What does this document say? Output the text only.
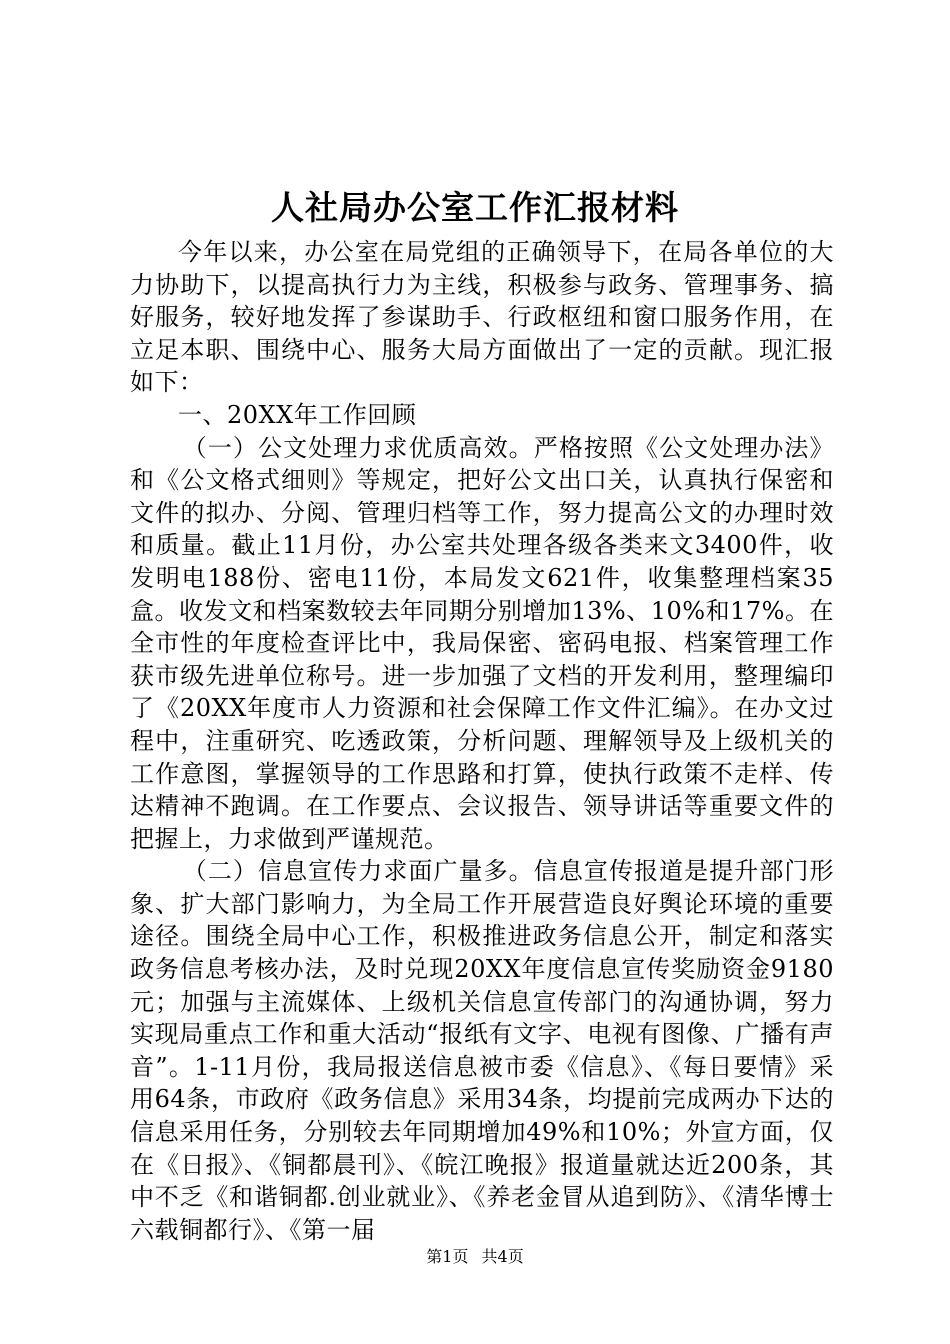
人社局办公室工作汇报材料

今年以来，办公室在局党组的正确领导下，在局各单位的大力协助下，以提高执行力为主线，积极参与政务、管理事务、搞好服务，较好地发挥了参谋助手、行政枢纽和窗口服务作用，在立足本职、围绕中心、服务大局方面做出了一定的贡献。现汇报如下：

一、20XX年工作回顾

（一）公文处理力求优质高效。严格按照《公文处理办法》和《公文格式细则》等规定，把好公文出口关，认真执行保密和文件的拟办、分阅、管理归档等工作，努力提高公文的办理时效和质量。截止11月份，办公室共处理各级各类来文3400件，收发明电188份、密电11份，本局发文621件，收集整理档案35盒。收发文和档案数较去年同期分别增加13%、10%和17%。在全市性的年度检查评比中，我局保密、密码电报、档案管理工作获市级先进单位称号。进一步加强了文档的开发利用，整理编印了《20XX年度市人力资源和社会保障工作文件汇编》。在办文过程中，注重研究、吃透政策，分析问题、理解领导及上级机关的工作意图，掌握领导的工作思路和打算，使执行政策不走样、传达精神不跑调。在工作要点、会议报告、领导讲话等重要文件的把握上，力求做到严谨规范。

（二）信息宣传力求面广量多。信息宣传报道是提升部门形象、扩大部门影响力，为全局工作开展营造良好舆论环境的重要途径。围绕全局中心工作，积极推进政务信息公开，制定和落实政务信息考核办法，及时兑现20XX年度信息宣传奖励资金9180元；加强与主流媒体、上级机关信息宣传部门的沟通协调，努力实现局重点工作和重大活动“报纸有文字、电视有图像、广播有声音”。1-11月份，我局报送信息被市委《信息》、《每日要情》采用64条，市政府《政务信息》采用34条，均提前完成两办下达的信息采用任务，分别较去年同期增加49%和10%；外宣方面，仅在《日报》、《铜都晨刊》、《皖江晚报》报道量就达近200条，其中不乏《和谐铜都.创业就业》、《养老金冒从追到防》、《清华博士六载铜都行》、《第一届

第1页 共4页
